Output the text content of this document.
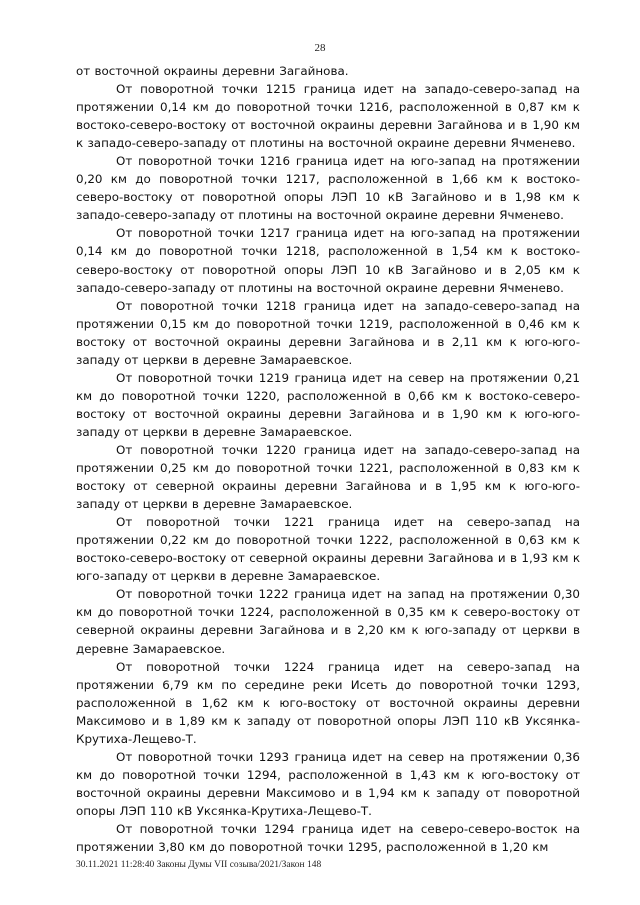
28

от восточной окраины деревни Загайнова.

От поворотной точки 1215 граница идет на западо-северо-запад на протяжении 0,14 км до поворотной точки 1216, расположенной в 0,87 км к востоко-северо-востоку от восточной окраины деревни Загайнова и в 1,90 км к западо-северо-западу от плотины на восточной окраине деревни Ячменево.

От поворотной точки 1216 граница идет на юго-запад на протяжении 0,20 км до поворотной точки 1217, расположенной в 1,66 км к востоко-северо-востоку от поворотной опоры ЛЭП 10 кВ Загайново и в 1,98 км к западо-северо-западу от плотины на восточной окраине деревни Ячменево.

От поворотной точки 1217 граница идет на юго-запад на протяжении 0,14 км до поворотной точки 1218, расположенной в 1,54 км к востоко-северо-востоку от поворотной опоры ЛЭП 10 кВ Загайново и в 2,05 км к западо-северо-западу от плотины на восточной окраине деревни Ячменево.

От поворотной точки 1218 граница идет на западо-северо-запад на протяжении 0,15 км до поворотной точки 1219, расположенной в 0,46 км к востоку от восточной окраины деревни Загайнова и в 2,11 км к юго-юго-западу от церкви в деревне Замараевское.

От поворотной точки 1219 граница идет на север на протяжении 0,21 км до поворотной точки 1220, расположенной в 0,66 км к востоко-северо-востоку от восточной окраины деревни Загайнова и в 1,90 км к юго-юго-западу от церкви в деревне Замараевское.

От поворотной точки 1220 граница идет на западо-северо-запад на протяжении 0,25 км до поворотной точки 1221, расположенной в 0,83 км к востоку от северной окраины деревни Загайнова и в 1,95 км к юго-юго-западу от церкви в деревне Замараевское.

От поворотной точки 1221 граница идет на северо-запад на протяжении 0,22 км до поворотной точки 1222, расположенной в 0,63 км к востоко-северо-востоку от северной окраины деревни Загайнова и в 1,93 км к юго-западу от церкви в деревне Замараевское.

От поворотной точки 1222 граница идет на запад на протяжении 0,30 км до поворотной точки 1224, расположенной в 0,35 км к северо-востоку от северной окраины деревни Загайнова и в 2,20 км к юго-западу от церкви в деревне Замараевское.

От поворотной точки 1224 граница идет на северо-запад на протяжении 6,79 км по середине реки Исеть до поворотной точки 1293, расположенной в 1,62 км к юго-востоку от восточной окраины деревни Максимово и в 1,89 км к западу от поворотной опоры ЛЭП 110 кВ Уксянка-Крутиха-Лещево-Т.

От поворотной точки 1293 граница идет на север на протяжении 0,36 км до поворотной точки 1294, расположенной в 1,43 км к юго-востоку от восточной окраины деревни Максимово и в 1,94 км к западу от поворотной опоры ЛЭП 110 кВ Уксянка-Крутиха-Лещево-Т.

От поворотной точки 1294 граница идет на северо-северо-восток на протяжении 3,80 км до поворотной точки 1295, расположенной в 1,20 км

30.11.2021 11:28:40 Законы Думы VII созыва/2021/Закон 148
